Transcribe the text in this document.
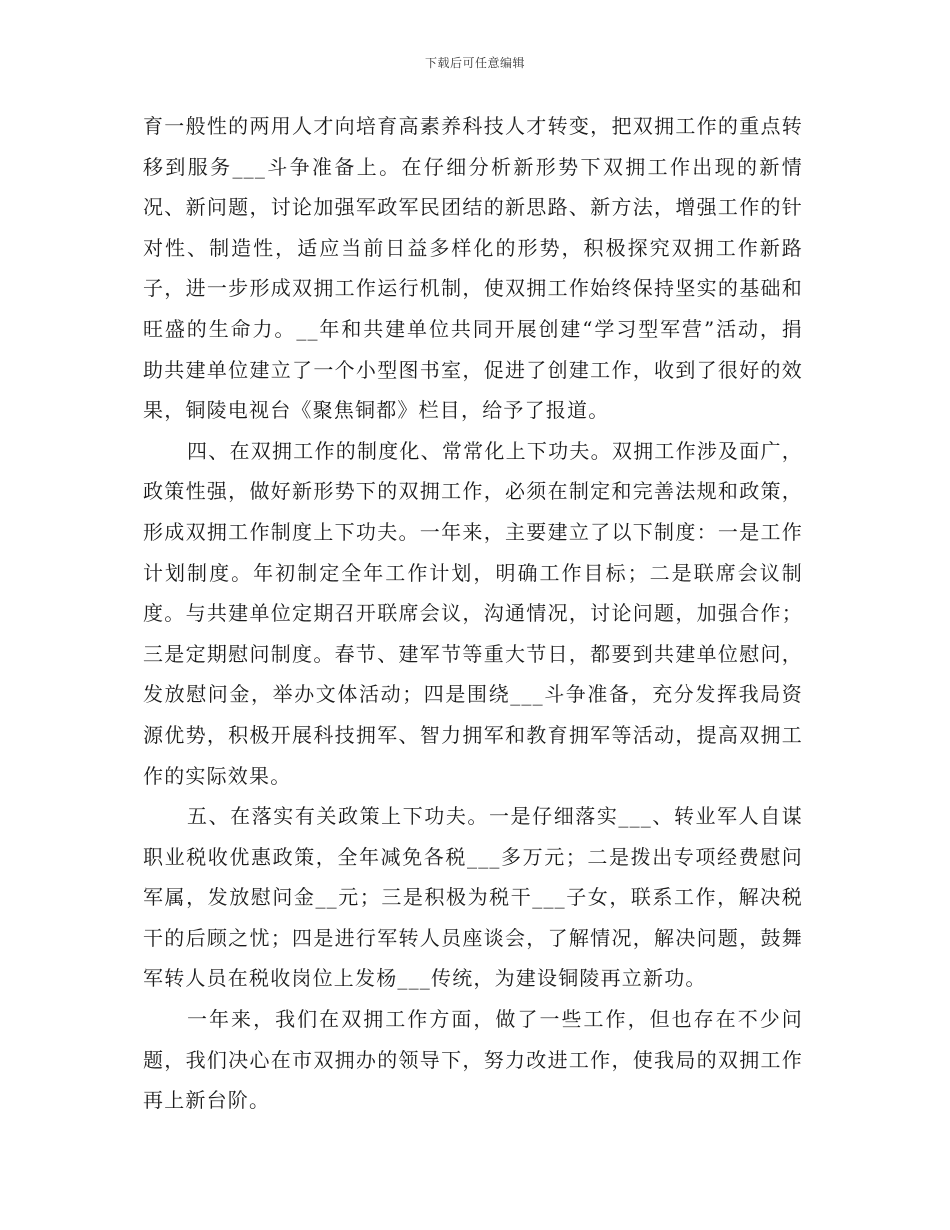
下载后可任意编辑

育一般性的两用人才向培育高素养科技人才转变，把双拥工作的重点转移到服务___斗争准备上。在仔细分析新形势下双拥工作出现的新情况、新问题，讨论加强军政军民团结的新思路、新方法，增强工作的针对性、制造性，适应当前日益多样化的形势，积极探究双拥工作新路子，进一步形成双拥工作运行机制，使双拥工作始终保持坚实的基础和旺盛的生命力。__年和共建单位共同开展创建“学习型军营”活动，捐助共建单位建立了一个小型图书室，促进了创建工作，收到了很好的效果，铜陵电视台《聚焦铜都》栏目，给予了报道。

四、在双拥工作的制度化、常常化上下功夫。双拥工作涉及面广，政策性强，做好新形势下的双拥工作，必须在制定和完善法规和政策，形成双拥工作制度上下功夫。一年来，主要建立了以下制度：一是工作计划制度。年初制定全年工作计划，明确工作目标；二是联席会议制度。与共建单位定期召开联席会议，沟通情况，讨论问题，加强合作；三是定期慰问制度。春节、建军节等重大节日，都要到共建单位慰问，发放慰问金，举办文体活动；四是围绕___斗争准备，充分发挥我局资源优势，积极开展科技拥军、智力拥军和教育拥军等活动，提高双拥工作的实际效果。

五、在落实有关政策上下功夫。一是仔细落实___、转业军人自谋职业税收优惠政策，全年减免各税___多万元；二是拨出专项经费慰问军属，发放慰问金__元；三是积极为税干___子女，联系工作，解决税干的后顾之忧；四是进行军转人员座谈会，了解情况，解决问题，鼓舞军转人员在税收岗位上发杨___传统，为建设铜陵再立新功。

一年来，我们在双拥工作方面，做了一些工作，但也存在不少问题，我们决心在市双拥办的领导下，努力改进工作，使我局的双拥工作再上新台阶。
